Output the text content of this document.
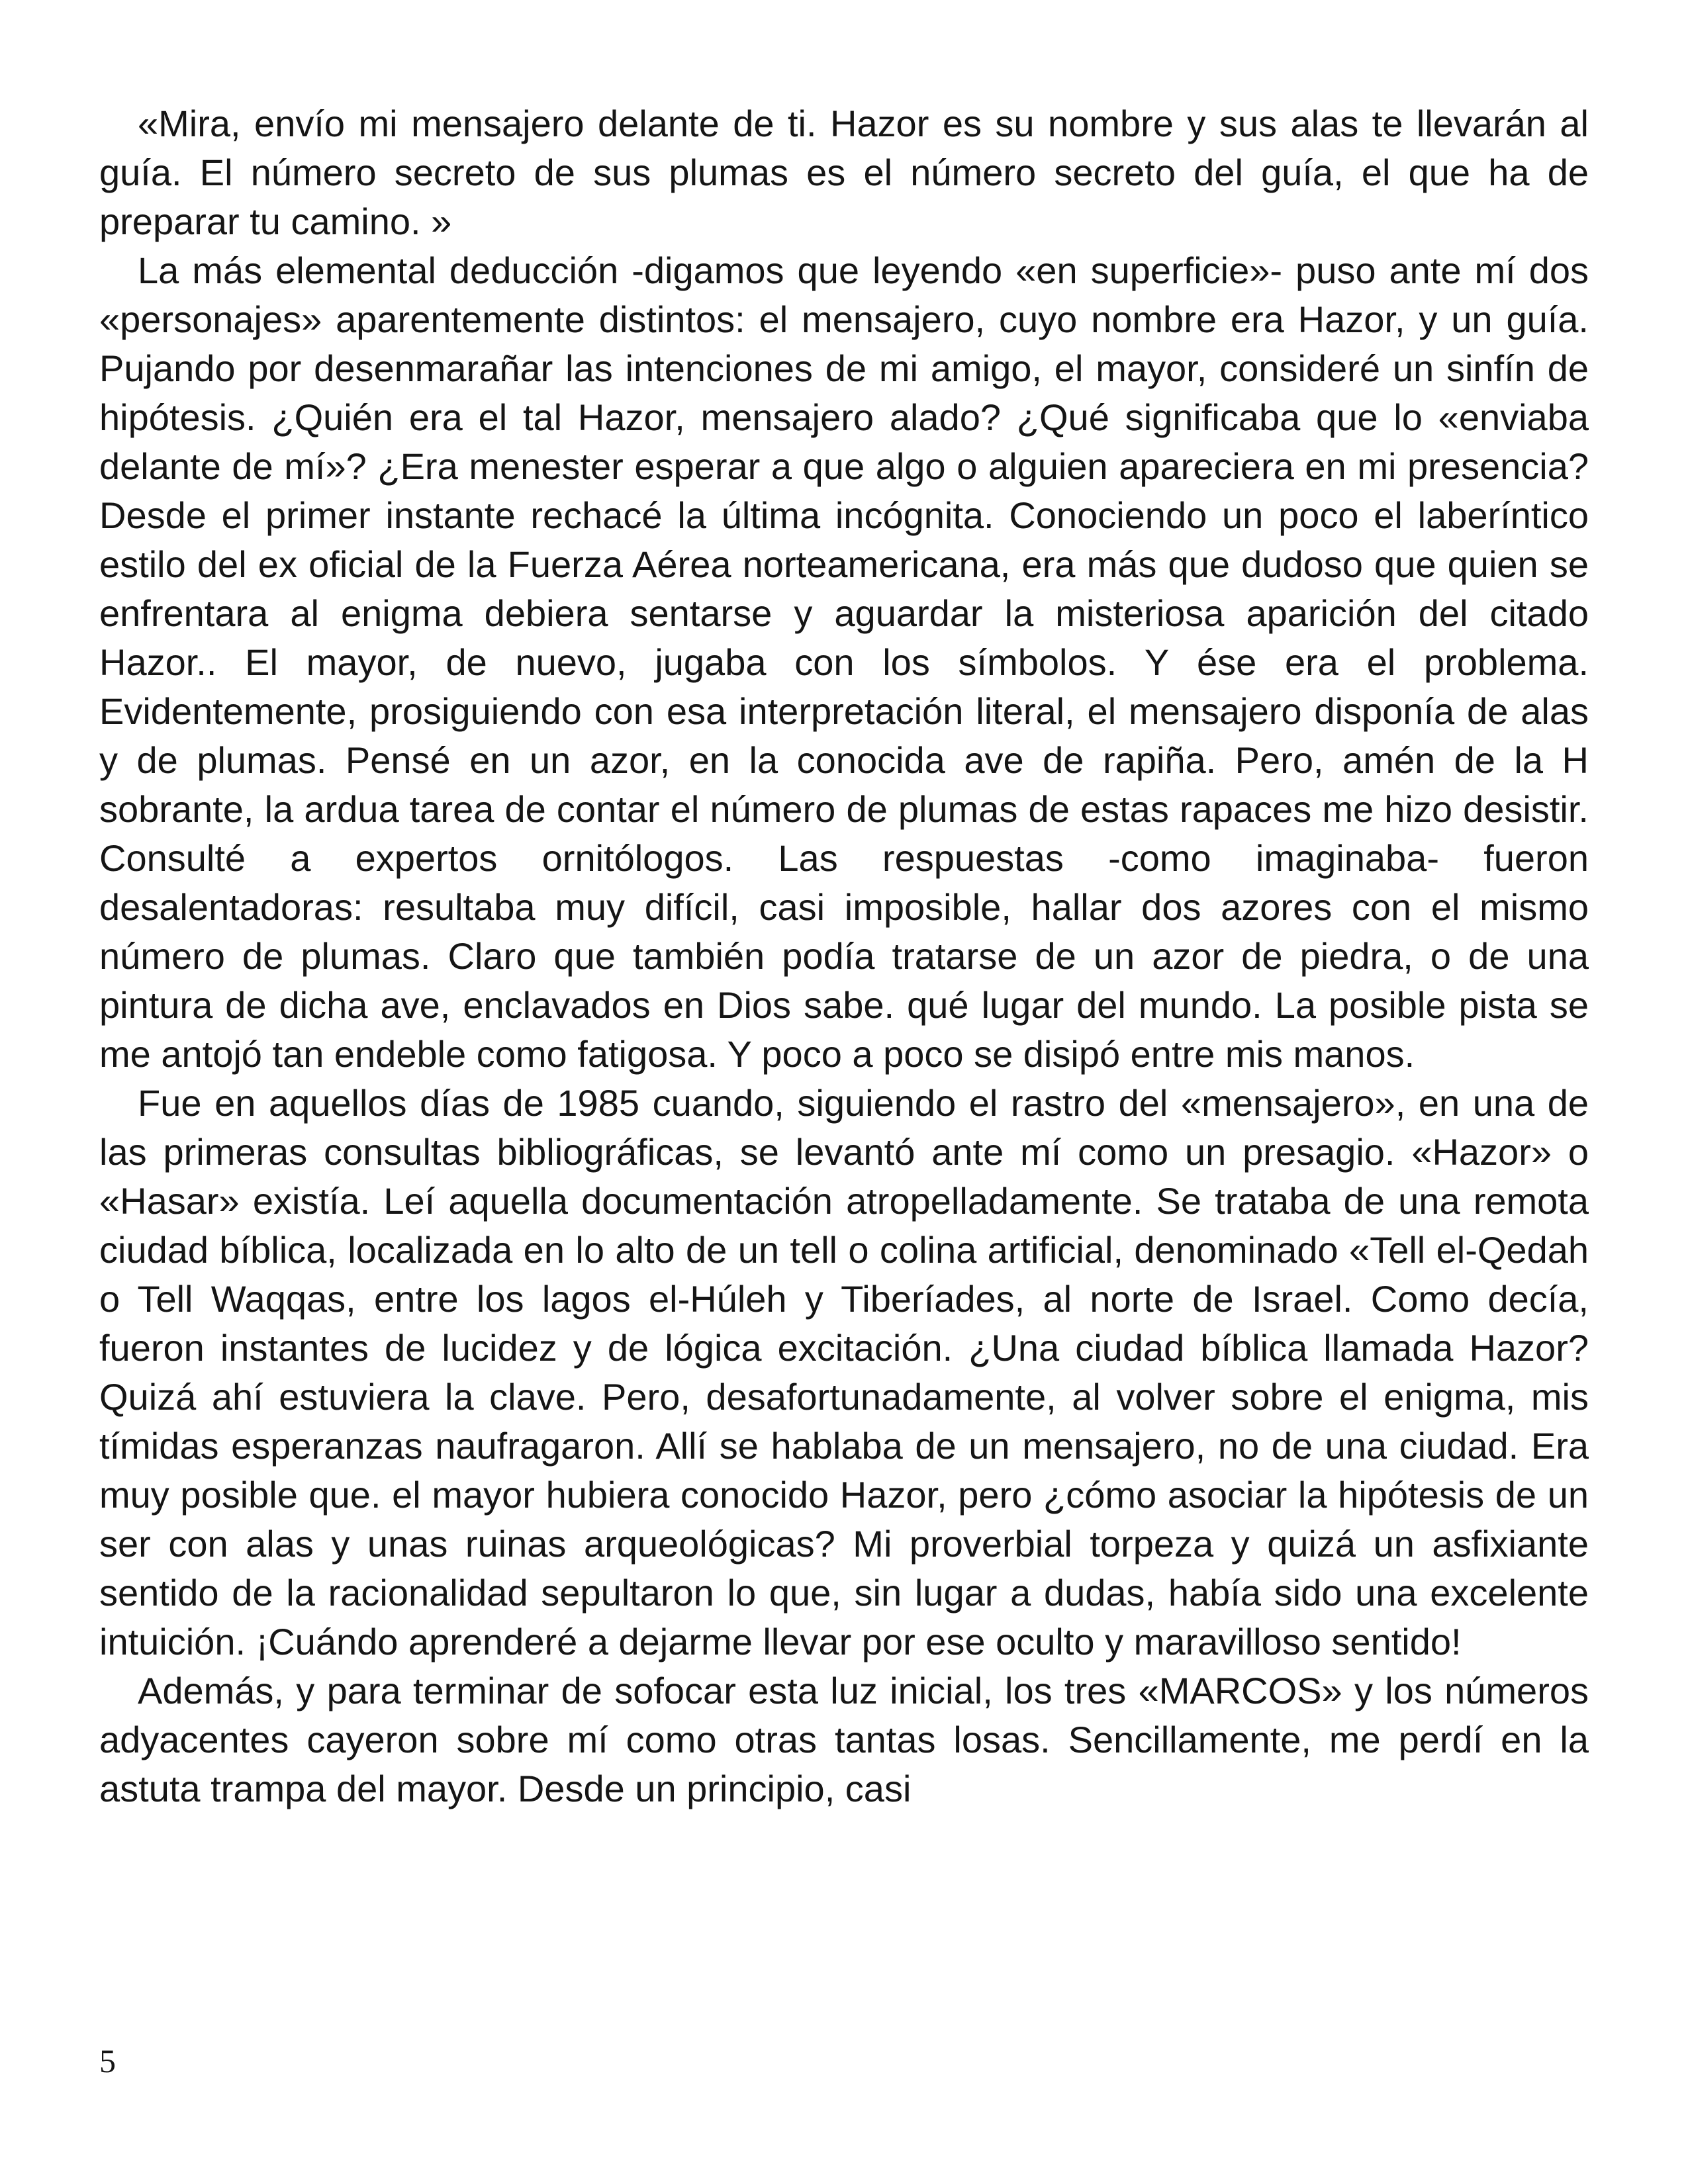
«Mira, envío mi mensajero delante de ti. Hazor es su nombre y sus alas te llevarán al guía. El número secreto de sus plumas es el número secreto del guía, el que ha de preparar tu camino. »

La más elemental deducción -digamos que leyendo «en superficie»- puso ante mí dos «personajes» aparentemente distintos: el mensajero, cuyo nombre era Hazor, y un guía. Pujando por desenmarañar las intenciones de mi amigo, el mayor, consideré un sinfín de hipótesis. ¿Quién era el tal Hazor, mensajero alado? ¿Qué significaba que lo «enviaba delante de mí»? ¿Era menester esperar a que algo o alguien apareciera en mi presencia? Desde el primer instante rechacé la última incógnita. Conociendo un poco el laberíntico estilo del ex oficial de la Fuerza Aérea norteamericana, era más que dudoso que quien se enfrentara al enigma debiera sentarse y aguardar la misteriosa aparición del citado Hazor.. El mayor, de nuevo, jugaba con los símbolos. Y ése era el problema. Evidentemente, prosiguiendo con esa interpretación literal, el mensajero disponía de alas y de plumas. Pensé en un azor, en la conocida ave de rapiña. Pero, amén de la H sobrante, la ardua tarea de contar el número de plumas de estas rapaces me hizo desistir. Consulté a expertos ornitólogos. Las respuestas -como imaginaba- fueron desalentadoras: resultaba muy difícil, casi imposible, hallar dos azores con el mismo número de plumas. Claro que también podía tratarse de un azor de piedra, o de una pintura de dicha ave, enclavados en Dios sabe. qué lugar del mundo. La posible pista se me antojó tan endeble como fatigosa. Y poco a poco se disipó entre mis manos.

Fue en aquellos días de 1985 cuando, siguiendo el rastro del «mensajero», en una de las primeras consultas bibliográficas, se levantó ante mí como un presagio. «Hazor» o «Hasar» existía. Leí aquella documentación atropelladamente. Se trataba de una remota ciudad bíblica, localizada en lo alto de un tell o colina artificial, denominado «Tell el-Qedah o Tell Waqqas, entre los lagos el-Húleh y Tiberíades, al norte de Israel. Como decía, fueron instantes de lucidez y de lógica excitación. ¿Una ciudad bíblica llamada Hazor? Quizá ahí estuviera la clave. Pero, desafortunadamente, al volver sobre el enigma, mis tímidas esperanzas naufragaron. Allí se hablaba de un mensajero, no de una ciudad. Era muy posible que. el mayor hubiera conocido Hazor, pero ¿cómo asociar la hipótesis de un ser con alas y unas ruinas arqueológicas? Mi proverbial torpeza y quizá un asfixiante sentido de la racionalidad sepultaron lo que, sin lugar a dudas, había sido una excelente intuición. ¡Cuándo aprenderé a dejarme llevar por ese oculto y maravilloso sentido!

Además, y para terminar de sofocar esta luz inicial, los tres «MARCOS» y los números adyacentes cayeron sobre mí como otras tantas losas. Sencillamente, me perdí en la astuta trampa del mayor. Desde un principio, casi

5
